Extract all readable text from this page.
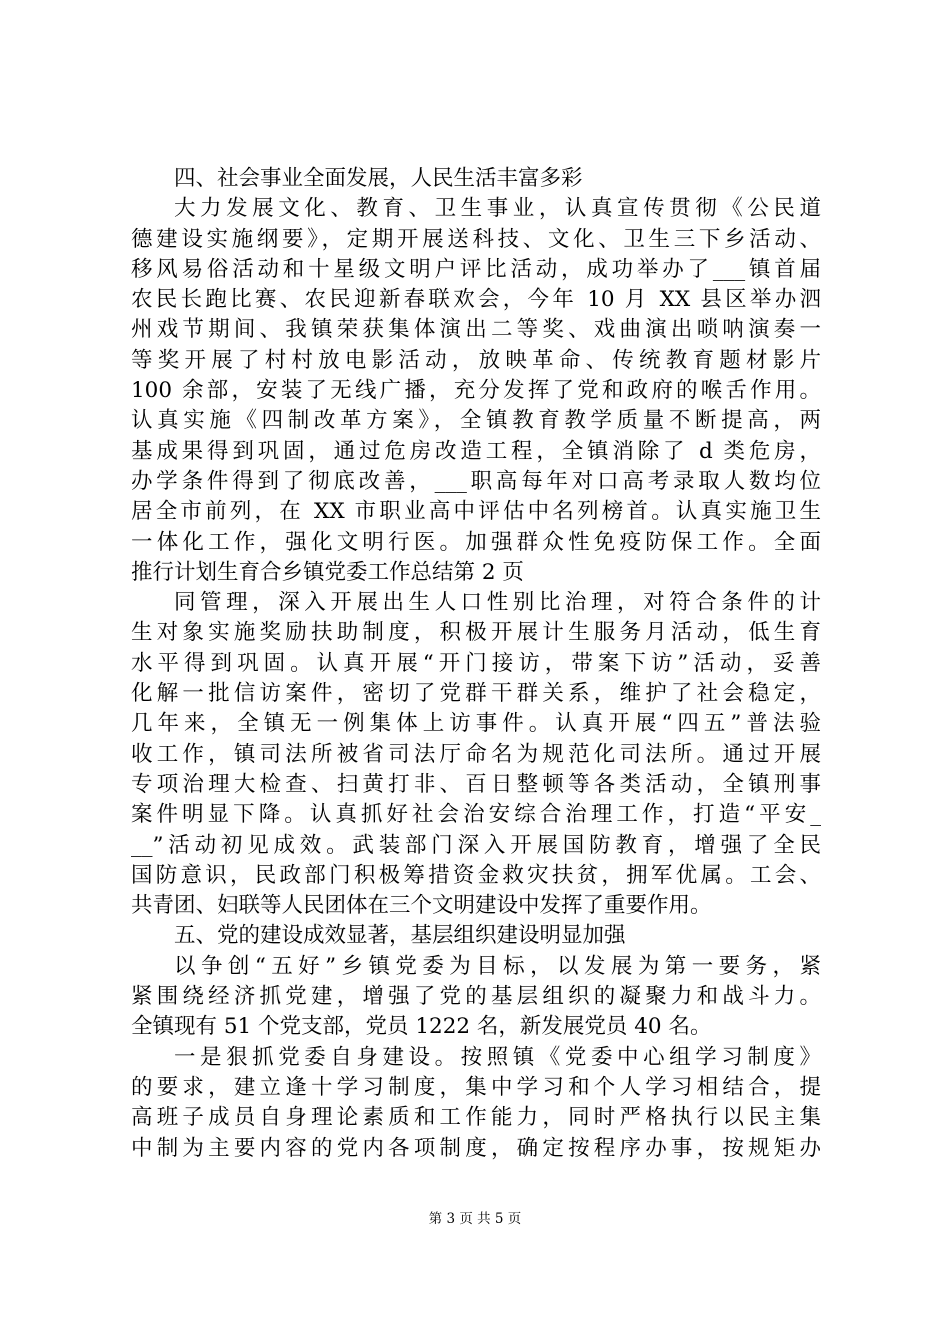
四、社会事业全面发展，人民生活丰富多彩
大力发展文化、教育、卫生事业，认真宣传贯彻《公民道
德建设实施纲要》，定期开展送科技、文化、卫生三下乡活动、
移风易俗活动和十星级文明户评比活动，成功举办了___镇首届
农民长跑比赛、农民迎新春联欢会，今年 10 月 XX 县区举办泗
州戏节期间、我镇荣获集体演出二等奖、戏曲演出唢呐演奏一
等奖开展了村村放电影活动，放映革命、传统教育题材影片
100 余部，安装了无线广播，充分发挥了党和政府的喉舌作用。
认真实施《四制改革方案》，全镇教育教学质量不断提高，两
基成果得到巩固，通过危房改造工程，全镇消除了 d 类危房，
办学条件得到了彻底改善，___职高每年对口高考录取人数均位
居全市前列，在 XX 市职业高中评估中名列榜首。认真实施卫生
一体化工作，强化文明行医。加强群众性免疫防保工作。全面
推行计划生育合乡镇党委工作总结第 2 页
同管理，深入开展出生人口性别比治理，对符合条件的计
生对象实施奖励扶助制度，积极开展计生服务月活动，低生育
水平得到巩固。认真开展“开门接访，带案下访”活动，妥善
化解一批信访案件，密切了党群干群关系，维护了社会稳定，
几年来，全镇无一例集体上访事件。认真开展“四五”普法验
收工作，镇司法所被省司法厅命名为规范化司法所。通过开展
专项治理大检查、扫黄打非、百日整顿等各类活动，全镇刑事
案件明显下降。认真抓好社会治安综合治理工作，打造“平安_
__”活动初见成效。武装部门深入开展国防教育，增强了全民
国防意识，民政部门积极筹措资金救灾扶贫，拥军优属。工会、
共青团、妇联等人民团体在三个文明建设中发挥了重要作用。
五、党的建设成效显著，基层组织建设明显加强
以争创“五好”乡镇党委为目标，以发展为第一要务，紧
紧围绕经济抓党建，增强了党的基层组织的凝聚力和战斗力。
全镇现有 51 个党支部，党员 1222 名，新发展党员 40 名。
一是狠抓党委自身建设。按照镇《党委中心组学习制度》
的要求，建立逢十学习制度，集中学习和个人学习相结合，提
高班子成员自身理论素质和工作能力，同时严格执行以民主集
中制为主要内容的党内各项制度，确定按程序办事，按规矩办
第 3 页 共 5 页
